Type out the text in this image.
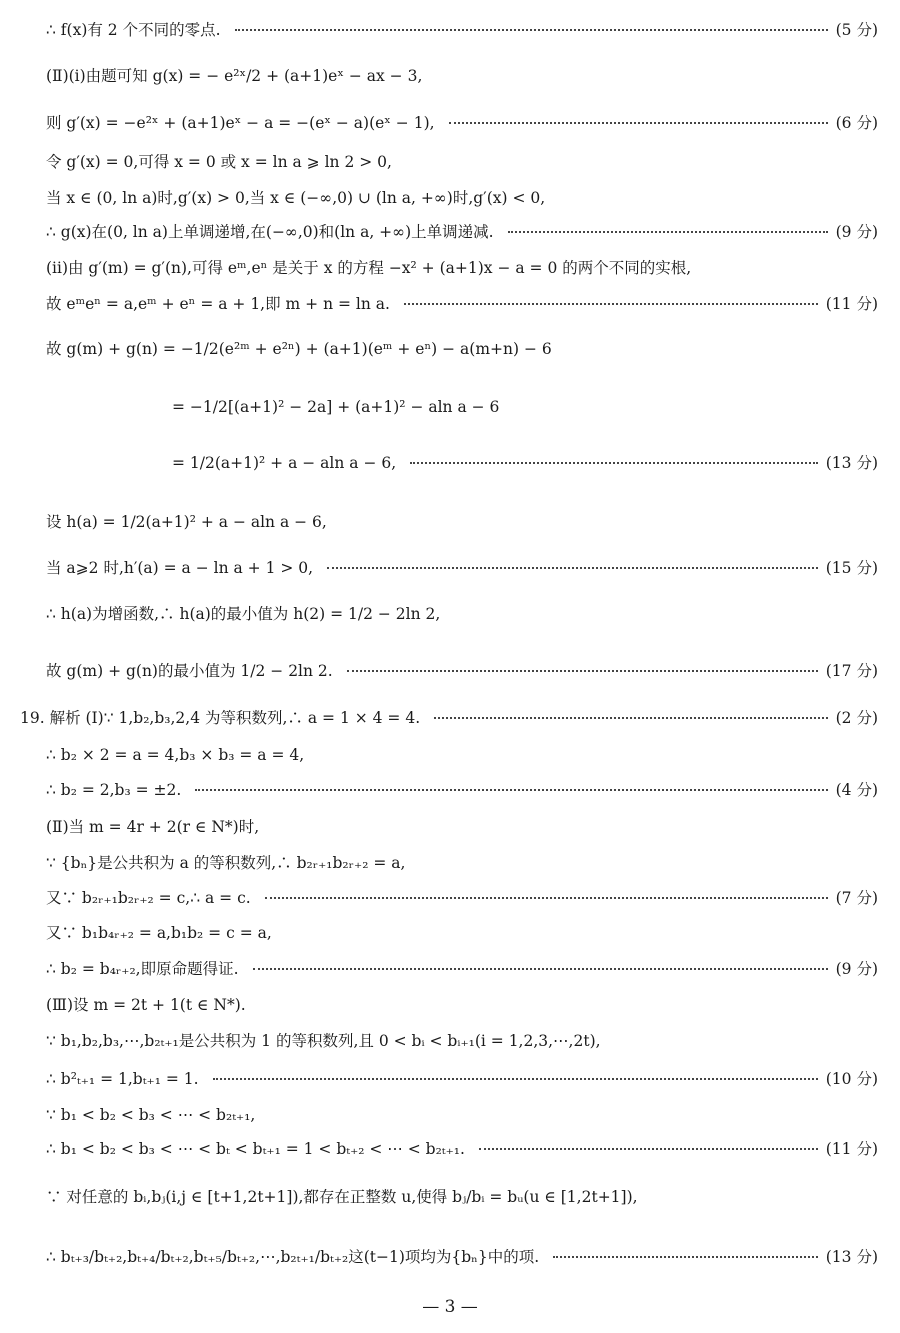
∴ f(x)有 2 个不同的零点.	(5 分)
(Ⅱ)(ⅰ)由题可知 g(x) = − e²ˣ/2 + (a+1)eˣ − ax − 3,
则 g′(x) = −e²ˣ + (a+1)eˣ − a = −(eˣ − a)(eˣ − 1),	(6 分)
令 g′(x) = 0,可得 x = 0 或 x = ln a ⩾ ln 2 > 0,
当 x ∈ (0, ln a)时,g′(x) > 0,当 x ∈ (−∞,0) ∪ (ln a, +∞)时,g′(x) < 0,
∴ g(x)在(0, ln a)上单调递增,在(−∞,0)和(ln a, +∞)上单调递减.	(9 分)
(ⅱ)由 g′(m) = g′(n),可得 eᵐ,eⁿ 是关于 x 的方程 −x² + (a+1)x − a = 0 的两个不同的实根,
故 eᵐeⁿ = a,eᵐ + eⁿ = a + 1,即 m + n = ln a.	(11 分)
故 g(m) + g(n) = −1/2(e²ᵐ + e²ⁿ) + (a+1)(eᵐ + eⁿ) − a(m+n) − 6
= −1/2[(a+1)² − 2a] + (a+1)² − aln a − 6
= 1/2(a+1)² + a − aln a − 6,	(13 分)
设 h(a) = 1/2(a+1)² + a − aln a − 6,
当 a⩾2 时,h′(a) = a − ln a + 1 > 0,	(15 分)
∴ h(a)为增函数,∴ h(a)的最小值为 h(2) = 1/2 − 2ln 2,
故 g(m) + g(n)的最小值为 1/2 − 2ln 2.	(17 分)
19. 解析 (Ⅰ)∵ 1,b₂,b₃,2,4 为等积数列,∴ a = 1 × 4 = 4.	(2 分)
∴ b₂ × 2 = a = 4,b₃ × b₃ = a = 4,
∴ b₂ = 2,b₃ = ±2.	(4 分)
(Ⅱ)当 m = 4r + 2(r ∈ N*)时,
∵ {bₙ}是公共积为 a 的等积数列,∴ b₂ᵣ₊₁b₂ᵣ₊₂ = a,
又∵ b₂ᵣ₊₁b₂ᵣ₊₂ = c,∴ a = c.	(7 分)
又∵ b₁b₄ᵣ₊₂ = a,b₁b₂ = c = a,
∴ b₂ = b₄ᵣ₊₂,即原命题得证.	(9 分)
(Ⅲ)设 m = 2t + 1(t ∈ N*).
∵ b₁,b₂,b₃,⋯,b₂ₜ₊₁是公共积为 1 的等积数列,且 0 < bᵢ < bᵢ₊₁(i = 1,2,3,⋯,2t),
∴ b²ₜ₊₁ = 1,bₜ₊₁ = 1.	(10 分)
∵ b₁ < b₂ < b₃ < ⋯ < b₂ₜ₊₁,
∴ b₁ < b₂ < b₃ < ⋯ < bₜ < bₜ₊₁ = 1 < bₜ₊₂ < ⋯ < b₂ₜ₊₁.	(11 分)
∵ 对任意的 bᵢ,bⱼ(i,j ∈ [t+1,2t+1]),都存在正整数 u,使得 bⱼ/bᵢ = bᵤ(u ∈ [1,2t+1]),
∴ bₜ₊₃/bₜ₊₂,bₜ₊₄/bₜ₊₂,bₜ₊₅/bₜ₊₂,⋯,b₂ₜ₊₁/bₜ₊₂这(t−1)项均为{bₙ}中的项.	(13 分)
— 3 —
